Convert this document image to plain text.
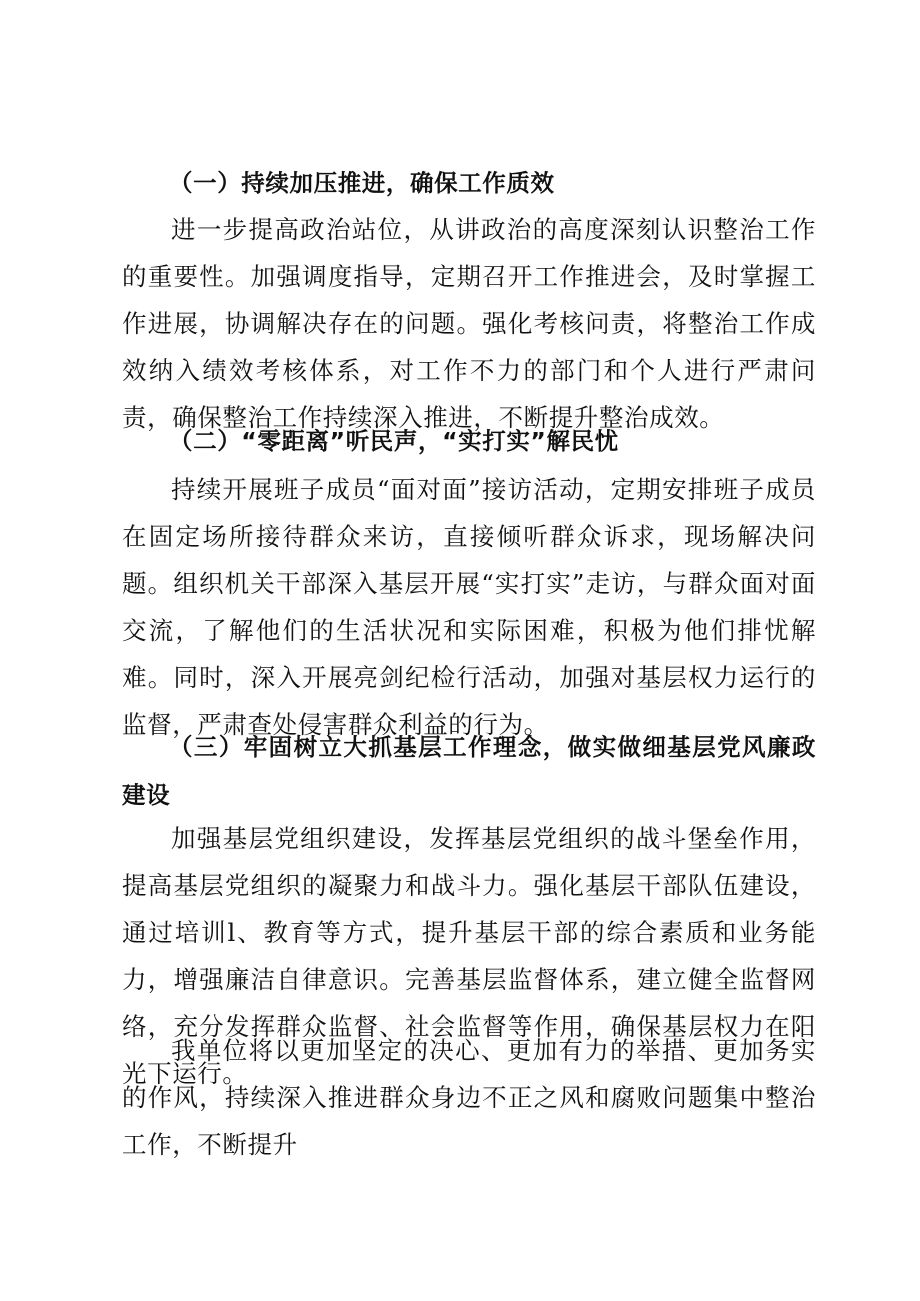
（一）持续加压推进，确保工作质效

进一步提高政治站位，从讲政治的高度深刻认识整治工作的重要性。加强调度指导，定期召开工作推进会，及时掌握工作进展，协调解决存在的问题。强化考核问责，将整治工作成效纳入绩效考核体系，对工作不力的部门和个人进行严肃问责，确保整治工作持续深入推进，不断提升整治成效。

（二）“零距离”听民声，“实打实”解民忧

持续开展班子成员“面对面”接访活动，定期安排班子成员在固定场所接待群众来访，直接倾听群众诉求，现场解决问题。组织机关干部深入基层开展“实打实”走访，与群众面对面交流，了解他们的生活状况和实际困难，积极为他们排忧解难。同时，深入开展亮剑纪检行活动，加强对基层权力运行的监督，严肃查处侵害群众利益的行为。

（三）牢固树立大抓基层工作理念，做实做细基层党风廉政建设

加强基层党组织建设，发挥基层党组织的战斗堡垒作用，提高基层党组织的凝聚力和战斗力。强化基层干部队伍建设，通过培训l、教育等方式，提升基层干部的综合素质和业务能力，增强廉洁自律意识。完善基层监督体系，建立健全监督网络，充分发挥群众监督、社会监督等作用，确保基层权力在阳光下运行。

我单位将以更加坚定的决心、更加有力的举措、更加务实的作风，持续深入推进群众身边不正之风和腐败问题集中整治工作，不断提升
